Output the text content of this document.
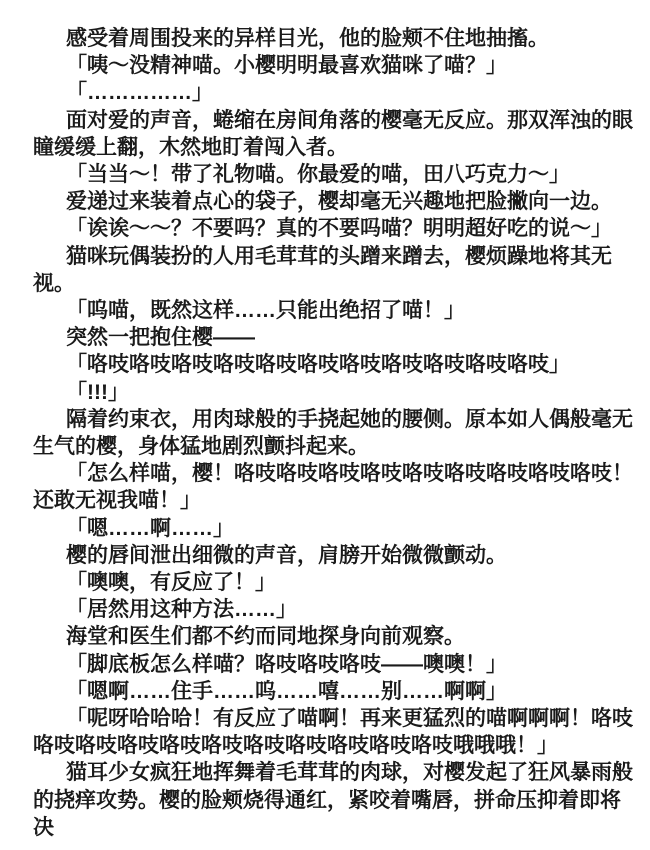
感受着周围投来的异样目光，他的脸颊不住地抽搐。

「咦～没精神喵。小樱明明最喜欢猫咪了喵？」

「……………」

面对爱的声音，蜷缩在房间角落的樱毫无反应。那双浑浊的眼瞳缓缓上翻，木然地盯着闯入者。

「当当～！带了礼物喵。你最爱的喵，田八巧克力～」

爱递过来装着点心的袋子，樱却毫无兴趣地把脸撇向一边。

「诶诶～～？不要吗？真的不要吗喵？明明超好吃的说～」

猫咪玩偶装扮的人用毛茸茸的头蹭来蹭去，樱烦躁地将其无视。

「呜喵，既然这样……只能出绝招了喵！」

突然一把抱住樱——

「咯吱咯吱咯吱咯吱咯吱咯吱咯吱咯吱咯吱咯吱咯吱」

「!!!」

隔着约束衣，用肉球般的手挠起她的腰侧。原本如人偶般毫无生气的樱，身体猛地剧烈颤抖起来。

「怎么样喵，樱！咯吱咯吱咯吱咯吱咯吱咯吱咯吱咯吱咯吱！还敢无视我喵！」

「嗯……啊……」

樱的唇间泄出细微的声音，肩膀开始微微颤动。

「噢噢，有反应了！」

「居然用这种方法……」

海堂和医生们都不约而同地探身向前观察。

「脚底板怎么样喵？咯吱咯吱咯吱——噢噢！」

「嗯啊……住手……呜……嘻……别……啊啊」

「呢呀哈哈哈！有反应了喵啊！再来更猛烈的喵啊啊啊！咯吱咯吱咯吱咯吱咯吱咯吱咯吱咯吱咯吱咯吱咯吱哦哦哦！」

猫耳少女疯狂地挥舞着毛茸茸的肉球，对樱发起了狂风暴雨般的挠痒攻势。樱的脸颊烧得通红，紧咬着嘴唇，拼命压抑着即将决
